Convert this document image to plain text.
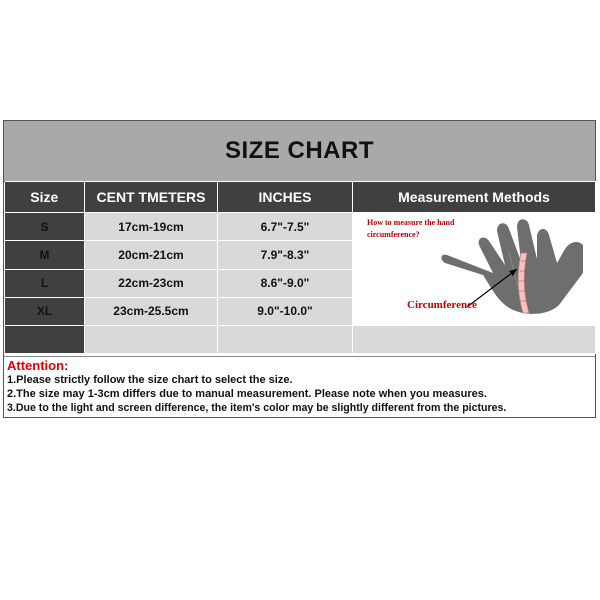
SIZE CHART
Size	CENT TMETERS	INCHES	Measurement Methods
S	17cm-19cm	6.7"-7.5"	How to measure the hand circumference?
Circumference

M	20cm-21cm	7.9"-8.3"	
L	22cm-23cm	8.6"-9.0"	
XL	23cm-25.5cm	9.0"-10.0"	

Attention:
1.Please strictly follow the size chart to select the size.
2.The size may 1-3cm differs due to manual measurement. Please note when you measures.
3.Due to the light and screen difference, the item's color may be slightly different from the pictures.
